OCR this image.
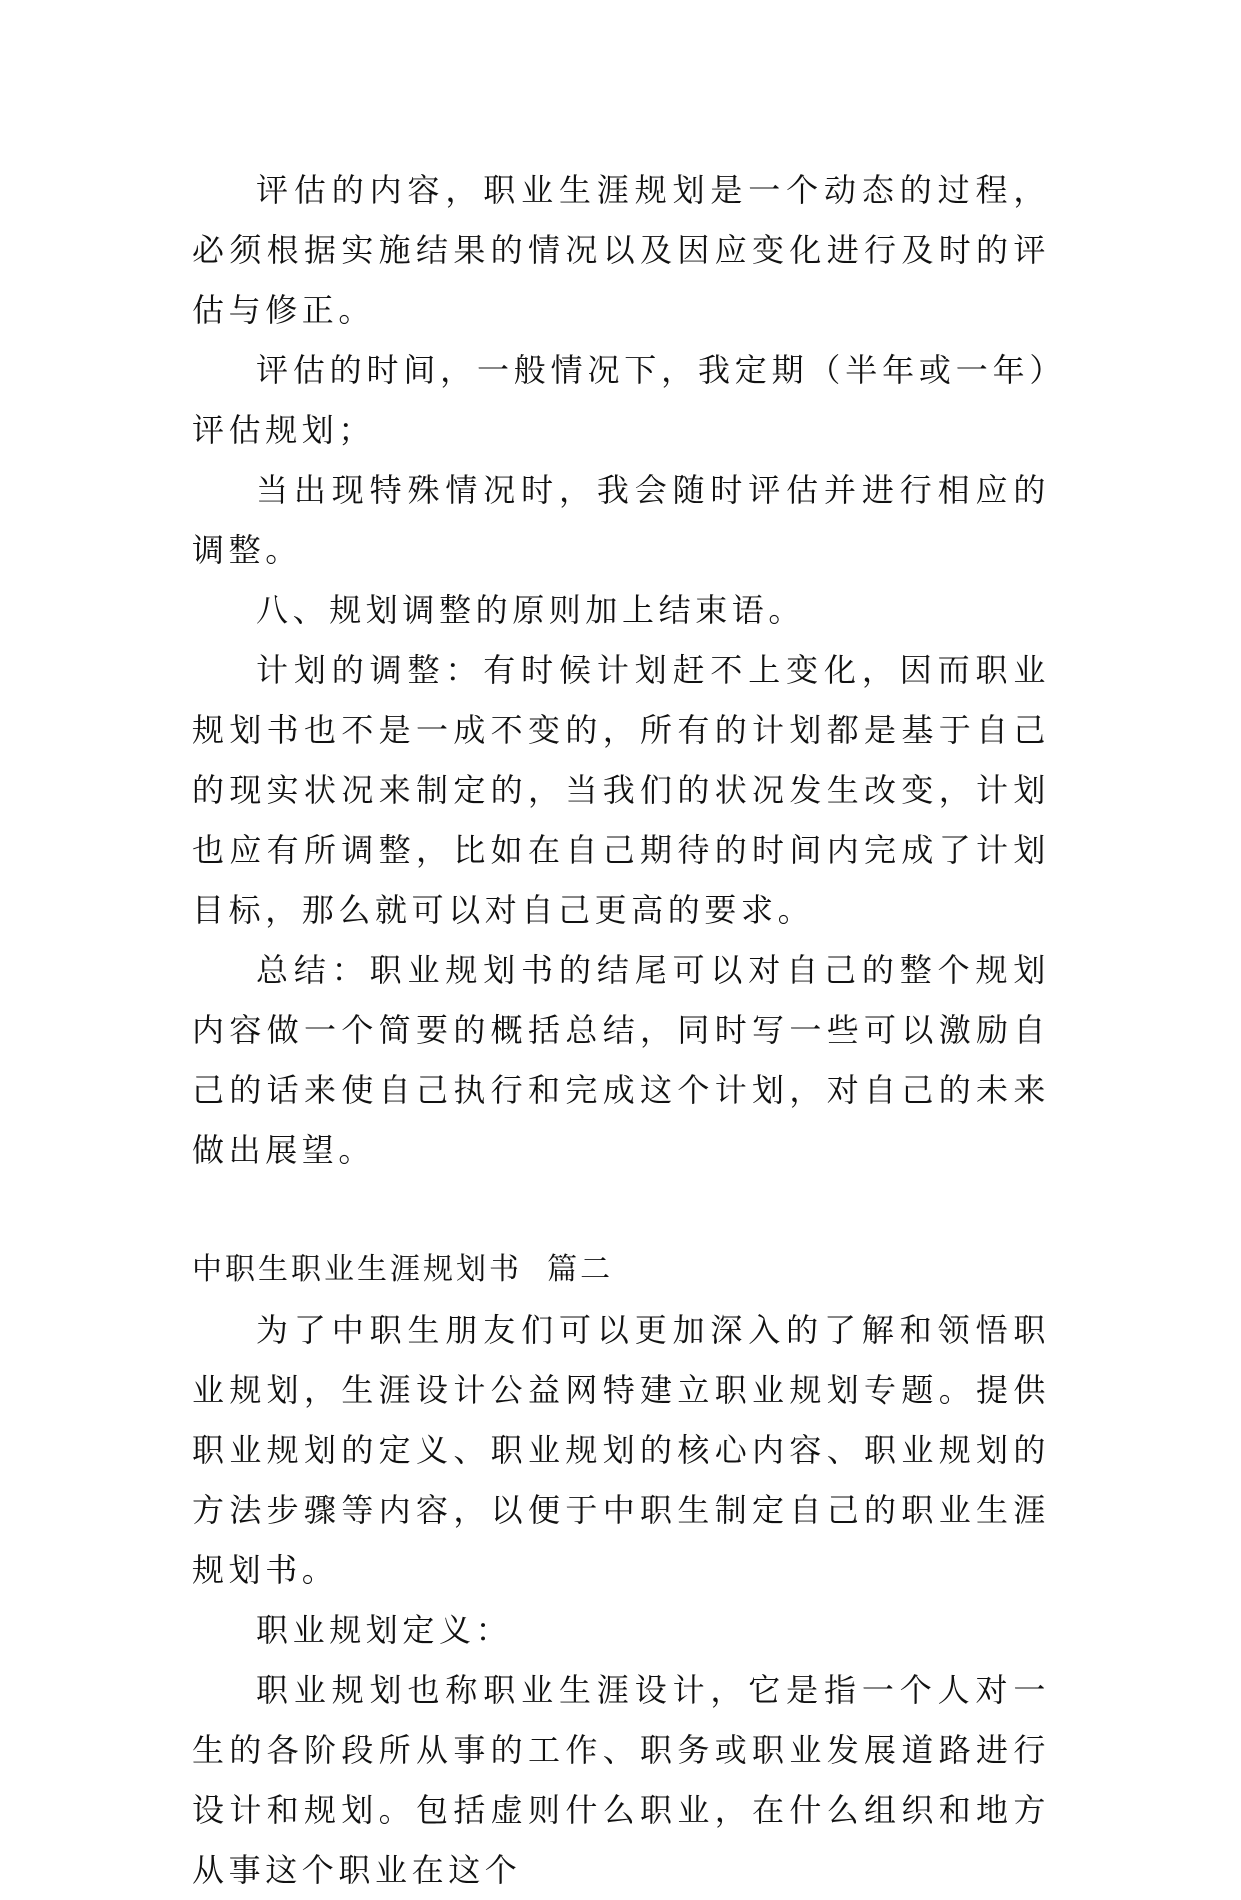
评估的内容，职业生涯规划是一个动态的过程，必须根据实施结果的情况以及因应变化进行及时的评估与修正。

评估的时间，一般情况下，我定期（半年或一年）评估规划；

当出现特殊情况时，我会随时评估并进行相应的调整。

八、规划调整的原则加上结束语。

计划的调整：有时候计划赶不上变化，因而职业规划书也不是一成不变的，所有的计划都是基于自己的现实状况来制定的，当我们的状况发生改变，计划也应有所调整，比如在自己期待的时间内完成了计划目标，那么就可以对自己更高的要求。

总结：职业规划书的结尾可以对自己的整个规划内容做一个简要的概括总结，同时写一些可以激励自己的话来使自己执行和完成这个计划，对自己的未来做出展望。

中职生职业生涯规划书  篇二

为了中职生朋友们可以更加深入的了解和领悟职业规划，生涯设计公益网特建立职业规划专题。提供职业规划的定义、职业规划的核心内容、职业规划的方法步骤等内容，以便于中职生制定自己的职业生涯规划书。

职业规划定义：

职业规划也称职业生涯设计，它是指一个人对一生的各阶段所从事的工作、职务或职业发展道路进行设计和规划。包括虚则什么职业，在什么组织和地方从事这个职业在这个
